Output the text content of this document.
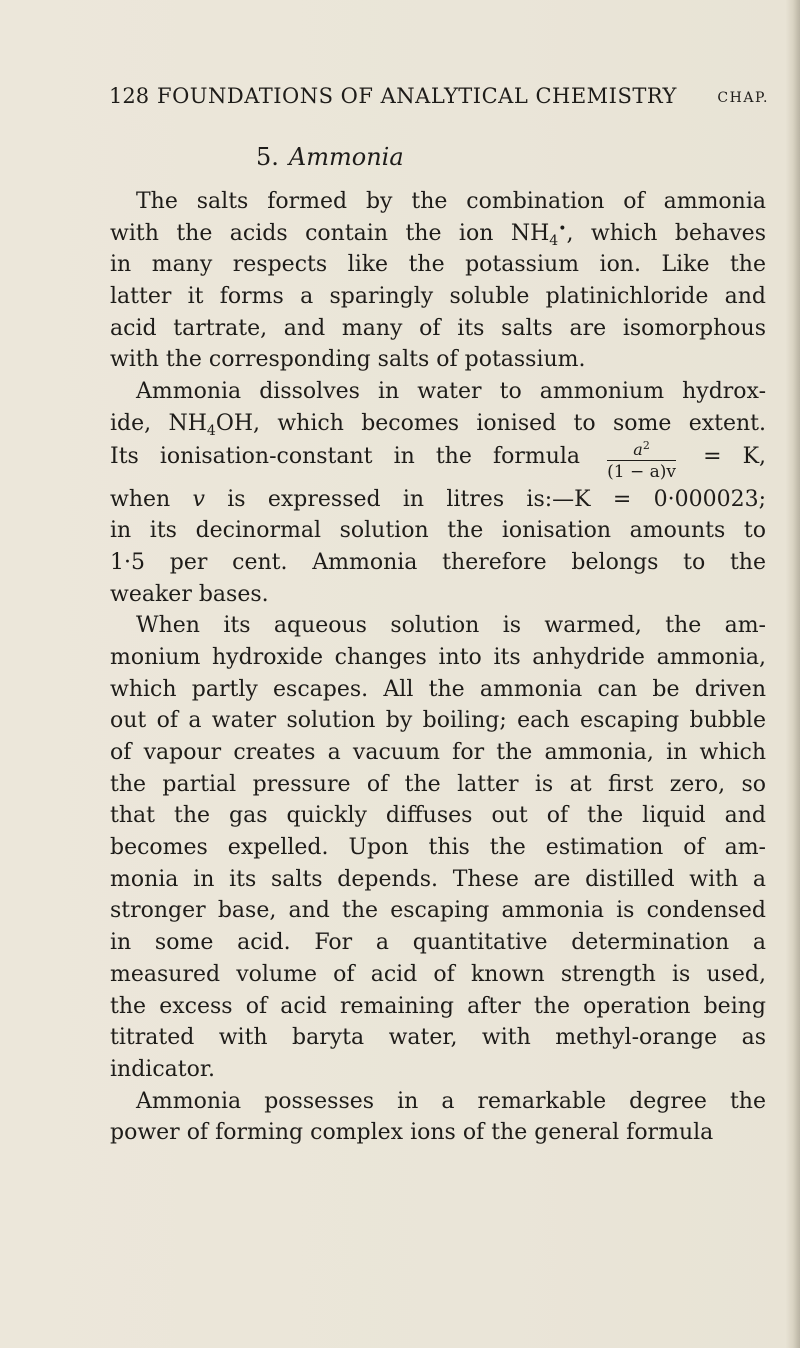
128 FOUNDATIONS OF ANALYTICAL CHEMISTRY	CHAP.
5. Ammonia
The salts formed by the combination of ammonia
with the acids contain the ion $NH_4^•$, which behaves
in many respects like the potassium ion. Like the
latter it forms a sparingly soluble platinichloride and
acid tartrate, and many of its salts are isomorphous
with the corresponding salts of potassium.
Ammonia dissolves in water to ammonium hydrox-
ide, $NH_4OH$, which becomes ionised to some extent.
Its ionisation-constant in the formula $\frac{a^2}{(1 - a)v} = K$,
when v is expressed in litres is:—K = 0·000023;
in its decinormal solution the ionisation amounts to
1·5 per cent. Ammonia therefore belongs to the
weaker bases.
When its aqueous solution is warmed, the am-
monium hydroxide changes into its anhydride ammonia,
which partly escapes. All the ammonia can be driven
out of a water solution by boiling; each escaping bubble
of vapour creates a vacuum for the ammonia, in which
the partial pressure of the latter is at first zero, so
that the gas quickly diffuses out of the liquid and
becomes expelled. Upon this the estimation of am-
monia in its salts depends. These are distilled with a
stronger base, and the escaping ammonia is condensed
in some acid. For a quantitative determination a
measured volume of acid of known strength is used,
the excess of acid remaining after the operation being
titrated with baryta water, with methyl-orange as
indicator.
Ammonia possesses in a remarkable degree the
power of forming complex ions of the general formula
